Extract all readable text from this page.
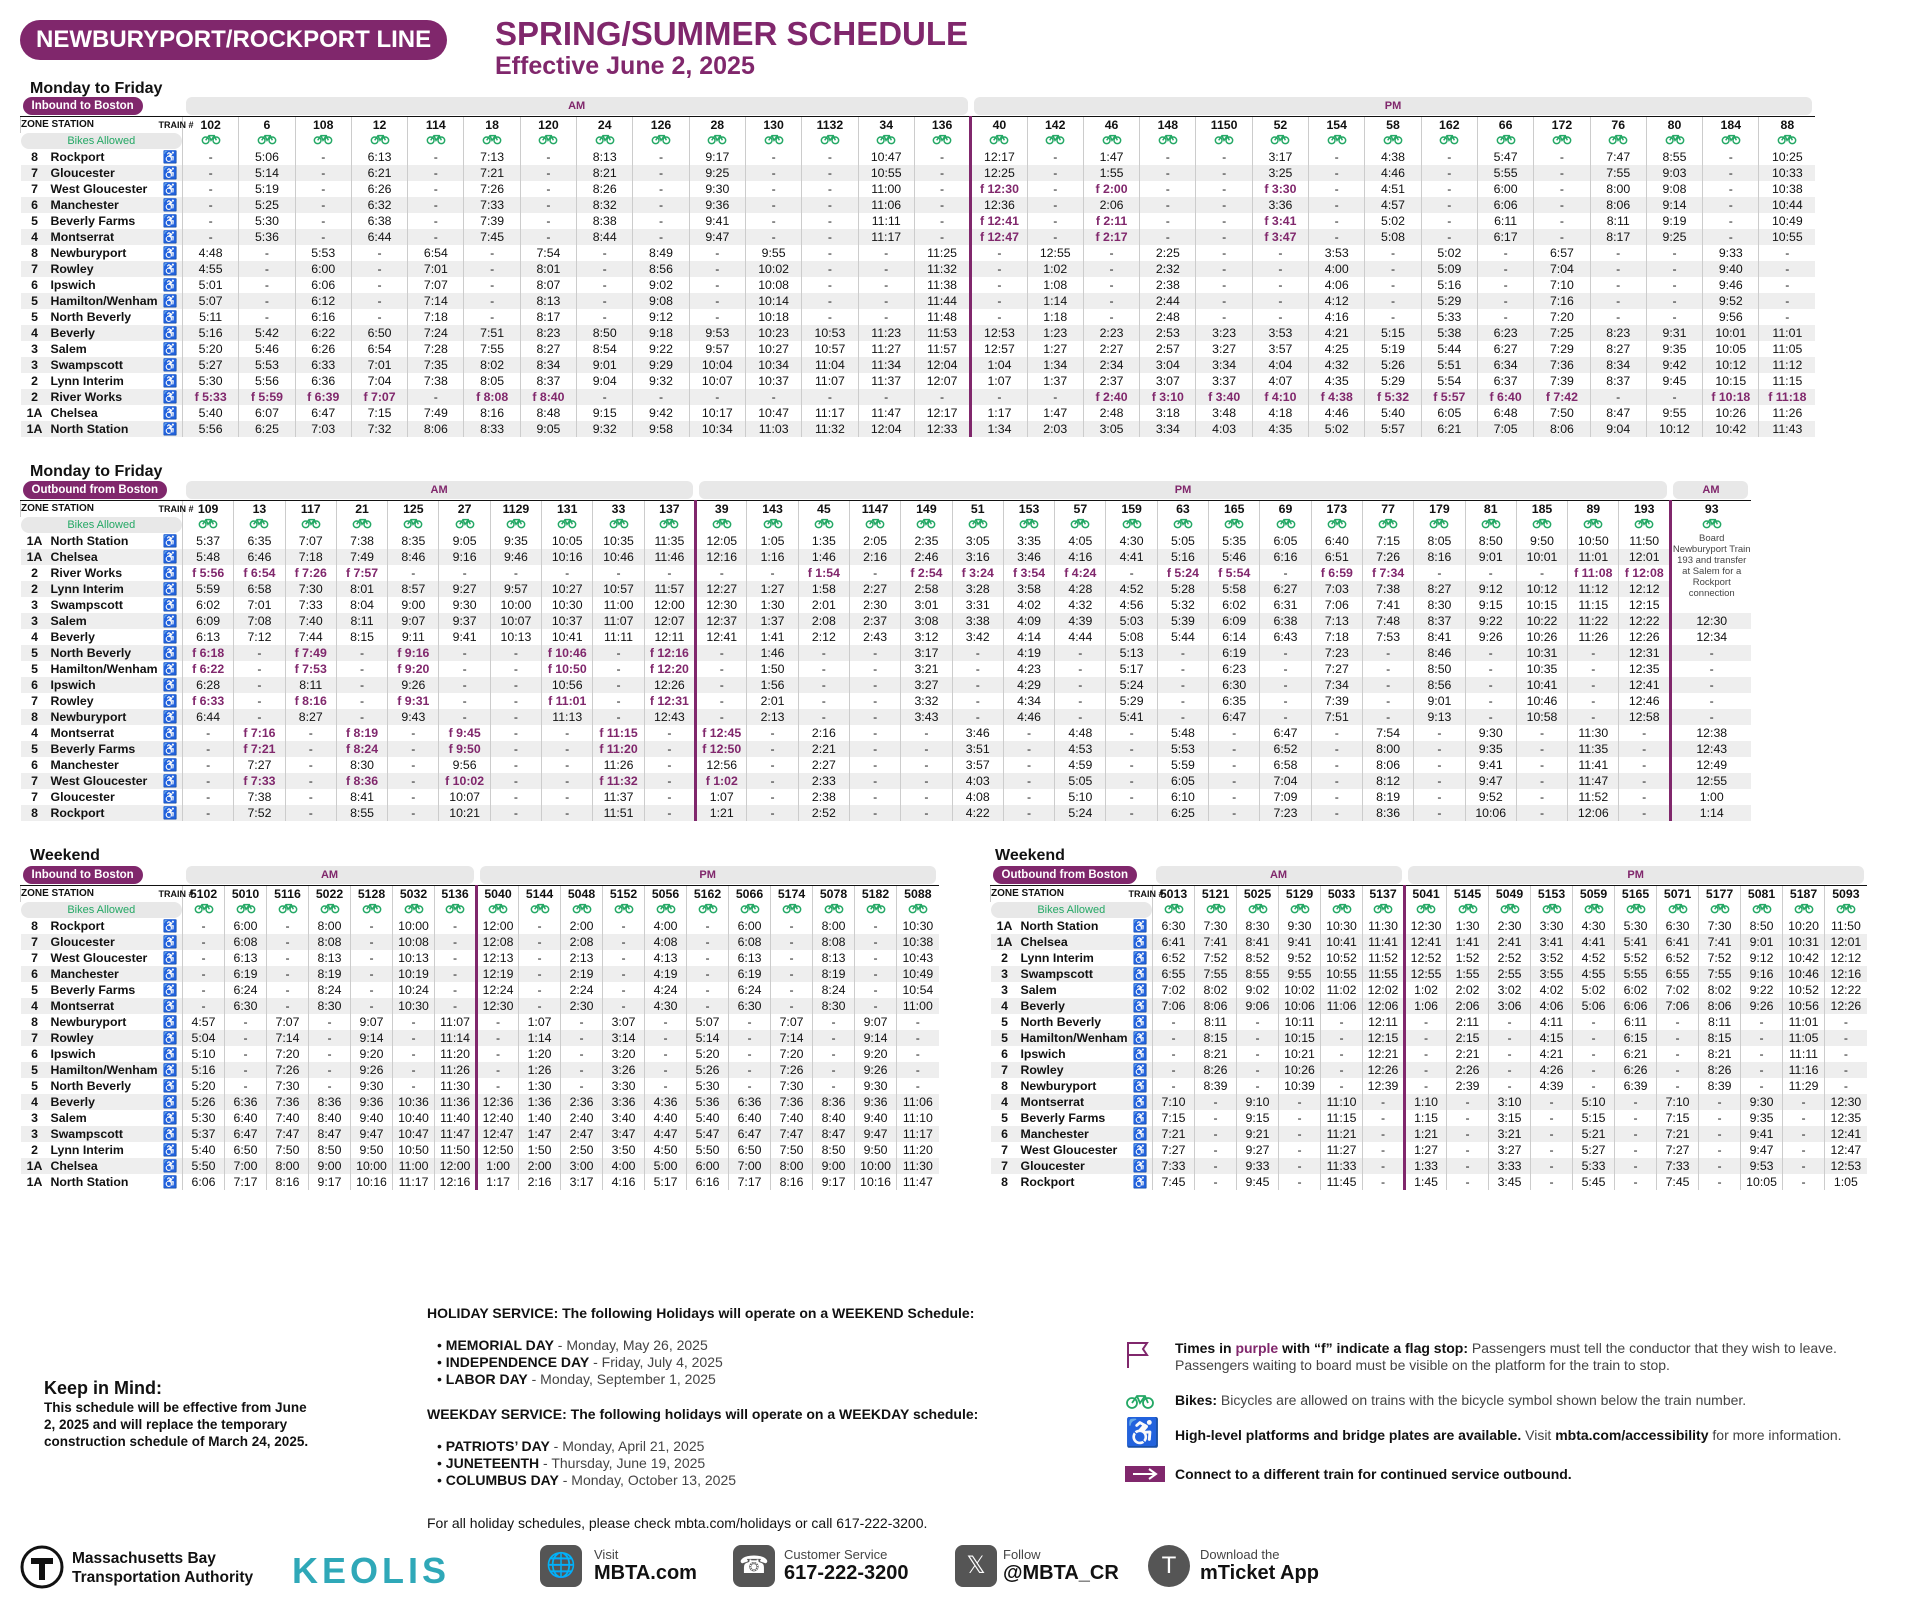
NEWBURYPORT/ROCKPORT LINE	SPRING/SUMMER SCHEDULE
Effective June 2, 2025
Monday to Friday
Monday to Friday
Weekend	Weekend
Inbound to Boston			AM														PM														

ZONE STATION		TRAIN #	102	6	108	12	114	18	120	24	126	28	130	1132	34	136	40	142	46	148	1150	52	154	58	162	66	172	76	80	184	88

Bikes Allowed

8	Rockport	♿	-	5:06	-	6:13	-	7:13	-	8:13	-	9:17	-	-	10:47	-	12:17	-	1:47	-	-	3:17	-	4:38	-	5:47	-	7:47	8:55	-	10:25
7	Gloucester	♿	-	5:14	-	6:21	-	7:21	-	8:21	-	9:25	-	-	10:55	-	12:25	-	1:55	-	-	3:25	-	4:46	-	5:55	-	7:55	9:03	-	10:33
7	West Gloucester	♿	-	5:19	-	6:26	-	7:26	-	8:26	-	9:30	-	-	11:00	-	f 12:30	-	f 2:00	-	-	f 3:30	-	4:51	-	6:00	-	8:00	9:08	-	10:38
6	Manchester	♿	-	5:25	-	6:32	-	7:33	-	8:32	-	9:36	-	-	11:06	-	12:36	-	2:06	-	-	3:36	-	4:57	-	6:06	-	8:06	9:14	-	10:44
5	Beverly Farms	♿	-	5:30	-	6:38	-	7:39	-	8:38	-	9:41	-	-	11:11	-	f 12:41	-	f 2:11	-	-	f 3:41	-	5:02	-	6:11	-	8:11	9:19	-	10:49
4	Montserrat	♿	-	5:36	-	6:44	-	7:45	-	8:44	-	9:47	-	-	11:17	-	f 12:47	-	f 2:17	-	-	f 3:47	-	5:08	-	6:17	-	8:17	9:25	-	10:55
8	Newburyport	♿	4:48	-	5:53	-	6:54	-	7:54	-	8:49	-	9:55	-	-	11:25	-	12:55	-	2:25	-	-	3:53	-	5:02	-	6:57	-	-	9:33	-
7	Rowley	♿	4:55	-	6:00	-	7:01	-	8:01	-	8:56	-	10:02	-	-	11:32	-	1:02	-	2:32	-	-	4:00	-	5:09	-	7:04	-	-	9:40	-
6	Ipswich	♿	5:01	-	6:06	-	7:07	-	8:07	-	9:02	-	10:08	-	-	11:38	-	1:08	-	2:38	-	-	4:06	-	5:16	-	7:10	-	-	9:46	-
5	Hamilton/Wenham	♿	5:07	-	6:12	-	7:14	-	8:13	-	9:08	-	10:14	-	-	11:44	-	1:14	-	2:44	-	-	4:12	-	5:29	-	7:16	-	-	9:52	-
5	North Beverly	♿	5:11	-	6:16	-	7:18	-	8:17	-	9:12	-	10:18	-	-	11:48	-	1:18	-	2:48	-	-	4:16	-	5:33	-	7:20	-	-	9:56	-
4	Beverly	♿	5:16	5:42	6:22	6:50	7:24	7:51	8:23	8:50	9:18	9:53	10:23	10:53	11:23	11:53	12:53	1:23	2:23	2:53	3:23	3:53	4:21	5:15	5:38	6:23	7:25	8:23	9:31	10:01	11:01
3	Salem	♿	5:20	5:46	6:26	6:54	7:28	7:55	8:27	8:54	9:22	9:57	10:27	10:57	11:27	11:57	12:57	1:27	2:27	2:57	3:27	3:57	4:25	5:19	5:44	6:27	7:29	8:27	9:35	10:05	11:05
3	Swampscott	♿	5:27	5:53	6:33	7:01	7:35	8:02	8:34	9:01	9:29	10:04	10:34	11:04	11:34	12:04	1:04	1:34	2:34	3:04	3:34	4:04	4:32	5:26	5:51	6:34	7:36	8:34	9:42	10:12	11:12
2	Lynn Interim	♿	5:30	5:56	6:36	7:04	7:38	8:05	8:37	9:04	9:32	10:07	10:37	11:07	11:37	12:07	1:07	1:37	2:37	3:07	3:37	4:07	4:35	5:29	5:54	6:37	7:39	8:37	9:45	10:15	11:15
2	River Works	♿	f 5:33	f 5:59	f 6:39	f 7:07	-	f 8:08	f 8:40	-	-	-	-	-	-	-	-	-	f 2:40	f 3:10	f 3:40	f 4:10	f 4:38	f 5:32	f 5:57	f 6:40	f 7:42	-	-	f 10:18	f 11:18
1A	Chelsea	♿	5:40	6:07	6:47	7:15	7:49	8:16	8:48	9:15	9:42	10:17	10:47	11:17	11:47	12:17	1:17	1:47	2:48	3:18	3:48	4:18	4:46	5:40	6:05	6:48	7:50	8:47	9:55	10:26	11:26
1A	North Station	♿	5:56	6:25	7:03	7:32	8:06	8:33	9:05	9:32	9:58	10:34	11:03	11:32	12:04	12:33	1:34	2:03	3:05	3:34	4:03	4:35	5:02	5:57	6:21	7:05	8:06	9:04	10:12	10:42	11:43
Outbound from Boston			AM										PM																			AM

ZONE STATION		TRAIN #	109	13	117	21	125	27	1129	131	33	137	39	143	45	1147	149	51	153	57	159	63	165	69	173	77	179	81	185	89	193	93

Bikes Allowed

1A	North Station	♿	5:37	6:35	7:07	7:38	8:35	9:05	9:35	10:05	10:35	11:35	12:05	1:05	1:35	2:05	2:35	3:05	3:35	4:05	4:30	5:05	5:35	6:05	6:40	7:15	8:05	8:50	9:50	10:50	11:50	Board Newburyport Train 193 and transfer at Salem for a Rockport connection

1A	Chelsea	♿	5:48	6:46	7:18	7:49	8:46	9:16	9:46	10:16	10:46	11:46	12:16	1:16	1:46	2:16	2:46	3:16	3:46	4:16	4:41	5:16	5:46	6:16	6:51	7:26	8:16	9:01	10:01	11:01	12:01	
2	River Works	♿	f 5:56	f 6:54	f 7:26	f 7:57	-	-	-	-	-	-	-	-	f 1:54	-	f 2:54	f 3:24	f 3:54	f 4:24	-	f 5:24	f 5:54	-	f 6:59	f 7:34	-	-	-	f 11:08	f 12:08	
2	Lynn Interim	♿	5:59	6:58	7:30	8:01	8:57	9:27	9:57	10:27	10:57	11:57	12:27	1:27	1:58	2:27	2:58	3:28	3:58	4:28	4:52	5:28	5:58	6:27	7:03	7:38	8:27	9:12	10:12	11:12	12:12	
3	Swampscott	♿	6:02	7:01	7:33	8:04	9:00	9:30	10:00	10:30	11:00	12:00	12:30	1:30	2:01	2:30	3:01	3:31	4:02	4:32	4:56	5:32	6:02	6:31	7:06	7:41	8:30	9:15	10:15	11:15	12:15	
3	Salem	♿	6:09	7:08	7:40	8:11	9:07	9:37	10:07	10:37	11:07	12:07	12:37	1:37	2:08	2:37	3:08	3:38	4:09	4:39	5:03	5:39	6:09	6:38	7:13	7:48	8:37	9:22	10:22	11:22	12:22	12:30
4	Beverly	♿	6:13	7:12	7:44	8:15	9:11	9:41	10:13	10:41	11:11	12:11	12:41	1:41	2:12	2:43	3:12	3:42	4:14	4:44	5:08	5:44	6:14	6:43	7:18	7:53	8:41	9:26	10:26	11:26	12:26	12:34
5	North Beverly	♿	f 6:18	-	f 7:49	-	f 9:16	-	-	f 10:46	-	f 12:16	-	1:46	-	-	3:17	-	4:19	-	5:13	-	6:19	-	7:23	-	8:46	-	10:31	-	12:31	-
5	Hamilton/Wenham	♿	f 6:22	-	f 7:53	-	f 9:20	-	-	f 10:50	-	f 12:20	-	1:50	-	-	3:21	-	4:23	-	5:17	-	6:23	-	7:27	-	8:50	-	10:35	-	12:35	-
6	Ipswich	♿	6:28	-	8:11	-	9:26	-	-	10:56	-	12:26	-	1:56	-	-	3:27	-	4:29	-	5:24	-	6:30	-	7:34	-	8:56	-	10:41	-	12:41	-
7	Rowley	♿	f 6:33	-	f 8:16	-	f 9:31	-	-	f 11:01	-	f 12:31	-	2:01	-	-	3:32	-	4:34	-	5:29	-	6:35	-	7:39	-	9:01	-	10:46	-	12:46	-
8	Newburyport	♿	6:44	-	8:27	-	9:43	-	-	11:13	-	12:43	-	2:13	-	-	3:43	-	4:46	-	5:41	-	6:47	-	7:51	-	9:13	-	10:58	-	12:58	-
4	Montserrat	♿	-	f 7:16	-	f 8:19	-	f 9:45	-	-	f 11:15	-	f 12:45	-	2:16	-	-	3:46	-	4:48	-	5:48	-	6:47	-	7:54	-	9:30	-	11:30	-	12:38
5	Beverly Farms	♿	-	f 7:21	-	f 8:24	-	f 9:50	-	-	f 11:20	-	f 12:50	-	2:21	-	-	3:51	-	4:53	-	5:53	-	6:52	-	8:00	-	9:35	-	11:35	-	12:43
6	Manchester	♿	-	7:27	-	8:30	-	9:56	-	-	11:26	-	12:56	-	2:27	-	-	3:57	-	4:59	-	5:59	-	6:58	-	8:06	-	9:41	-	11:41	-	12:49
7	West Gloucester	♿	-	f 7:33	-	f 8:36	-	f 10:02	-	-	f 11:32	-	f 1:02	-	2:33	-	-	4:03	-	5:05	-	6:05	-	7:04	-	8:12	-	9:47	-	11:47	-	12:55
7	Gloucester	♿	-	7:38	-	8:41	-	10:07	-	-	11:37	-	1:07	-	2:38	-	-	4:08	-	5:10	-	6:10	-	7:09	-	8:19	-	9:52	-	11:52	-	1:00
8	Rockport	♿	-	7:52	-	8:55	-	10:21	-	-	11:51	-	1:21	-	2:52	-	-	4:22	-	5:24	-	6:25	-	7:23	-	8:36	-	10:06	-	12:06	-	1:14
Inbound to Boston			AM							PM										

ZONE STATION		TRAIN #	5102	5010	5116	5022	5128	5032	5136	5040	5144	5048	5152	5056	5162	5066	5174	5078	5182	5088

Bikes Allowed

8	Rockport	♿	-	6:00	-	8:00	-	10:00	-	12:00	-	2:00	-	4:00	-	6:00	-	8:00	-	10:30
7	Gloucester	♿	-	6:08	-	8:08	-	10:08	-	12:08	-	2:08	-	4:08	-	6:08	-	8:08	-	10:38
7	West Gloucester	♿	-	6:13	-	8:13	-	10:13	-	12:13	-	2:13	-	4:13	-	6:13	-	8:13	-	10:43
6	Manchester	♿	-	6:19	-	8:19	-	10:19	-	12:19	-	2:19	-	4:19	-	6:19	-	8:19	-	10:49
5	Beverly Farms	♿	-	6:24	-	8:24	-	10:24	-	12:24	-	2:24	-	4:24	-	6:24	-	8:24	-	10:54
4	Montserrat	♿	-	6:30	-	8:30	-	10:30	-	12:30	-	2:30	-	4:30	-	6:30	-	8:30	-	11:00
8	Newburyport	♿	4:57	-	7:07	-	9:07	-	11:07	-	1:07	-	3:07	-	5:07	-	7:07	-	9:07	-
7	Rowley	♿	5:04	-	7:14	-	9:14	-	11:14	-	1:14	-	3:14	-	5:14	-	7:14	-	9:14	-
6	Ipswich	♿	5:10	-	7:20	-	9:20	-	11:20	-	1:20	-	3:20	-	5:20	-	7:20	-	9:20	-
5	Hamilton/Wenham	♿	5:16	-	7:26	-	9:26	-	11:26	-	1:26	-	3:26	-	5:26	-	7:26	-	9:26	-
5	North Beverly	♿	5:20	-	7:30	-	9:30	-	11:30	-	1:30	-	3:30	-	5:30	-	7:30	-	9:30	-
4	Beverly	♿	5:26	6:36	7:36	8:36	9:36	10:36	11:36	12:36	1:36	2:36	3:36	4:36	5:36	6:36	7:36	8:36	9:36	11:06
3	Salem	♿	5:30	6:40	7:40	8:40	9:40	10:40	11:40	12:40	1:40	2:40	3:40	4:40	5:40	6:40	7:40	8:40	9:40	11:10
3	Swampscott	♿	5:37	6:47	7:47	8:47	9:47	10:47	11:47	12:47	1:47	2:47	3:47	4:47	5:47	6:47	7:47	8:47	9:47	11:17
2	Lynn Interim	♿	5:40	6:50	7:50	8:50	9:50	10:50	11:50	12:50	1:50	2:50	3:50	4:50	5:50	6:50	7:50	8:50	9:50	11:20
1A	Chelsea	♿	5:50	7:00	8:00	9:00	10:00	11:00	12:00	1:00	2:00	3:00	4:00	5:00	6:00	7:00	8:00	9:00	10:00	11:30
1A	North Station	♿	6:06	7:17	8:16	9:17	10:16	11:17	12:16	1:17	2:16	3:17	4:16	5:17	6:16	7:17	8:16	9:17	10:16	11:47
Outbound from Boston			AM						PM										

ZONE STATION		TRAIN #	5013	5121	5025	5129	5033	5137	5041	5145	5049	5153	5059	5165	5071	5177	5081	5187	5093

Bikes Allowed

1A	North Station	♿	6:30	7:30	8:30	9:30	10:30	11:30	12:30	1:30	2:30	3:30	4:30	5:30	6:30	7:30	8:50	10:20	11:50
1A	Chelsea	♿	6:41	7:41	8:41	9:41	10:41	11:41	12:41	1:41	2:41	3:41	4:41	5:41	6:41	7:41	9:01	10:31	12:01
2	Lynn Interim	♿	6:52	7:52	8:52	9:52	10:52	11:52	12:52	1:52	2:52	3:52	4:52	5:52	6:52	7:52	9:12	10:42	12:12
3	Swampscott	♿	6:55	7:55	8:55	9:55	10:55	11:55	12:55	1:55	2:55	3:55	4:55	5:55	6:55	7:55	9:16	10:46	12:16
3	Salem	♿	7:02	8:02	9:02	10:02	11:02	12:02	1:02	2:02	3:02	4:02	5:02	6:02	7:02	8:02	9:22	10:52	12:22
4	Beverly	♿	7:06	8:06	9:06	10:06	11:06	12:06	1:06	2:06	3:06	4:06	5:06	6:06	7:06	8:06	9:26	10:56	12:26
5	North Beverly	♿	-	8:11	-	10:11	-	12:11	-	2:11	-	4:11	-	6:11	-	8:11	-	11:01	-
5	Hamilton/Wenham	♿	-	8:15	-	10:15	-	12:15	-	2:15	-	4:15	-	6:15	-	8:15	-	11:05	-
6	Ipswich	♿	-	8:21	-	10:21	-	12:21	-	2:21	-	4:21	-	6:21	-	8:21	-	11:11	-
7	Rowley	♿	-	8:26	-	10:26	-	12:26	-	2:26	-	4:26	-	6:26	-	8:26	-	11:16	-
8	Newburyport	♿	-	8:39	-	10:39	-	12:39	-	2:39	-	4:39	-	6:39	-	8:39	-	11:29	-
4	Montserrat	♿	7:10	-	9:10	-	11:10	-	1:10	-	3:10	-	5:10	-	7:10	-	9:30	-	12:30
5	Beverly Farms	♿	7:15	-	9:15	-	11:15	-	1:15	-	3:15	-	5:15	-	7:15	-	9:35	-	12:35
6	Manchester	♿	7:21	-	9:21	-	11:21	-	1:21	-	3:21	-	5:21	-	7:21	-	9:41	-	12:41
7	West Gloucester	♿	7:27	-	9:27	-	11:27	-	1:27	-	3:27	-	5:27	-	7:27	-	9:47	-	12:47
7	Gloucester	♿	7:33	-	9:33	-	11:33	-	1:33	-	3:33	-	5:33	-	7:33	-	9:53	-	12:53
8	Rockport	♿	7:45	-	9:45	-	11:45	-	1:45	-	3:45	-	5:45	-	7:45	-	10:05	-	1:05
Keep in Mind:
This schedule will be effective from June 2, 2025 and will replace the temporary construction schedule of March 24, 2025.
HOLIDAY SERVICE: The following Holidays will operate on a WEEKEND Schedule:
• MEMORIAL DAY - Monday, May 26, 2025
• INDEPENDENCE DAY - Friday, July 4, 2025
• LABOR DAY - Monday, September 1, 2025
WEEKDAY SERVICE: The following holidays will operate on a WEEKDAY schedule:
• PATRIOTS’ DAY - Monday, April 21, 2025
• JUNETEENTH - Thursday, June 19, 2025
• COLUMBUS DAY - Monday, October 13, 2025
For all holiday schedules, please check mbta.com/holidays or call 617-222-3200.
Times in purple with “f” indicate a flag stop: Passengers must tell the conductor that they wish to leave.
Passengers waiting to board must be visible on the platform for the train to stop.
Bikes: Bicycles are allowed on trains with the bicycle symbol shown below the train number.
♿ High-level platforms and bridge plates are available. Visit mbta.com/accessibility for more information.
Connect to a different train for continued service outbound.
Massachusetts Bay
Transportation Authority KEOLIS	🌐	Visit
MBTA.com ☎	Customer Service
617-222-3200	𝕏	Follow
@MBTA_CR	T	Download the
mTicket App
